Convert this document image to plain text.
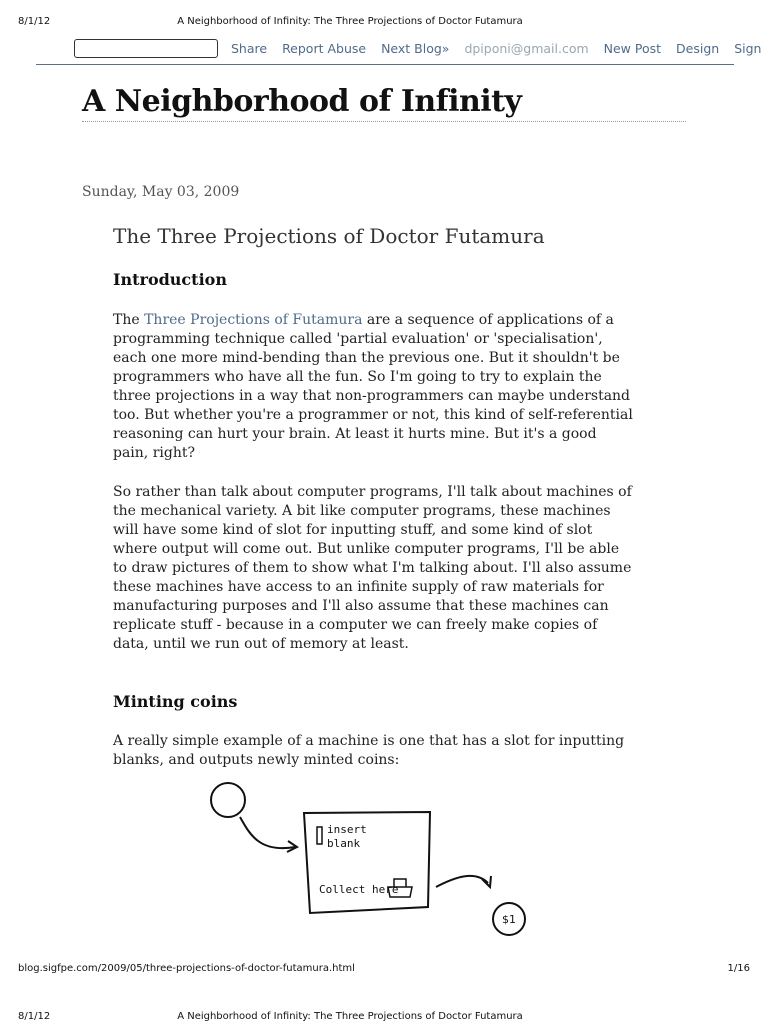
8/1/12	A Neighborhood of Infinity: The Three Projections of Doctor Futamura
Share Report Abuse Next Blog» dpiponi@gmail.com New Post Design Sign
A Neighborhood of Infinity
Sunday, May 03, 2009
The Three Projections of Doctor Futamura
Introduction

The Three Projections of Futamura are a sequence of applications of a programming technique called 'partial evaluation' or 'specialisation', each one more mind-bending than the previous one. But it shouldn't be programmers who have all the fun. So I'm going to try to explain the three projections in a way that non-programmers can maybe understand too. But whether you're a programmer or not, this kind of self-referential reasoning can hurt your brain. At least it hurts mine. But it's a good pain, right?

So rather than talk about computer programs, I'll talk about machines of the mechanical variety. A bit like computer programs, these machines will have some kind of slot for inputting stuff, and some kind of slot where output will come out. But unlike computer programs, I'll be able to draw pictures of them to show what I'm talking about. I'll also assume these machines have access to an infinite supply of raw materials for manufacturing purposes and I'll also assume that these machines can replicate stuff - because in a computer we can freely make copies of data, until we run out of memory at least.

Minting coins

A really simple example of a machine is one that has a slot for inputting blanks, and outputs newly minted coins:

insert
blank
Collect here
$1
blog.sigfpe.com/2009/05/three-projections-of-doctor-futamura.html	1/16
8/1/12	A Neighborhood of Infinity: The Three Projections of Doctor Futamura
